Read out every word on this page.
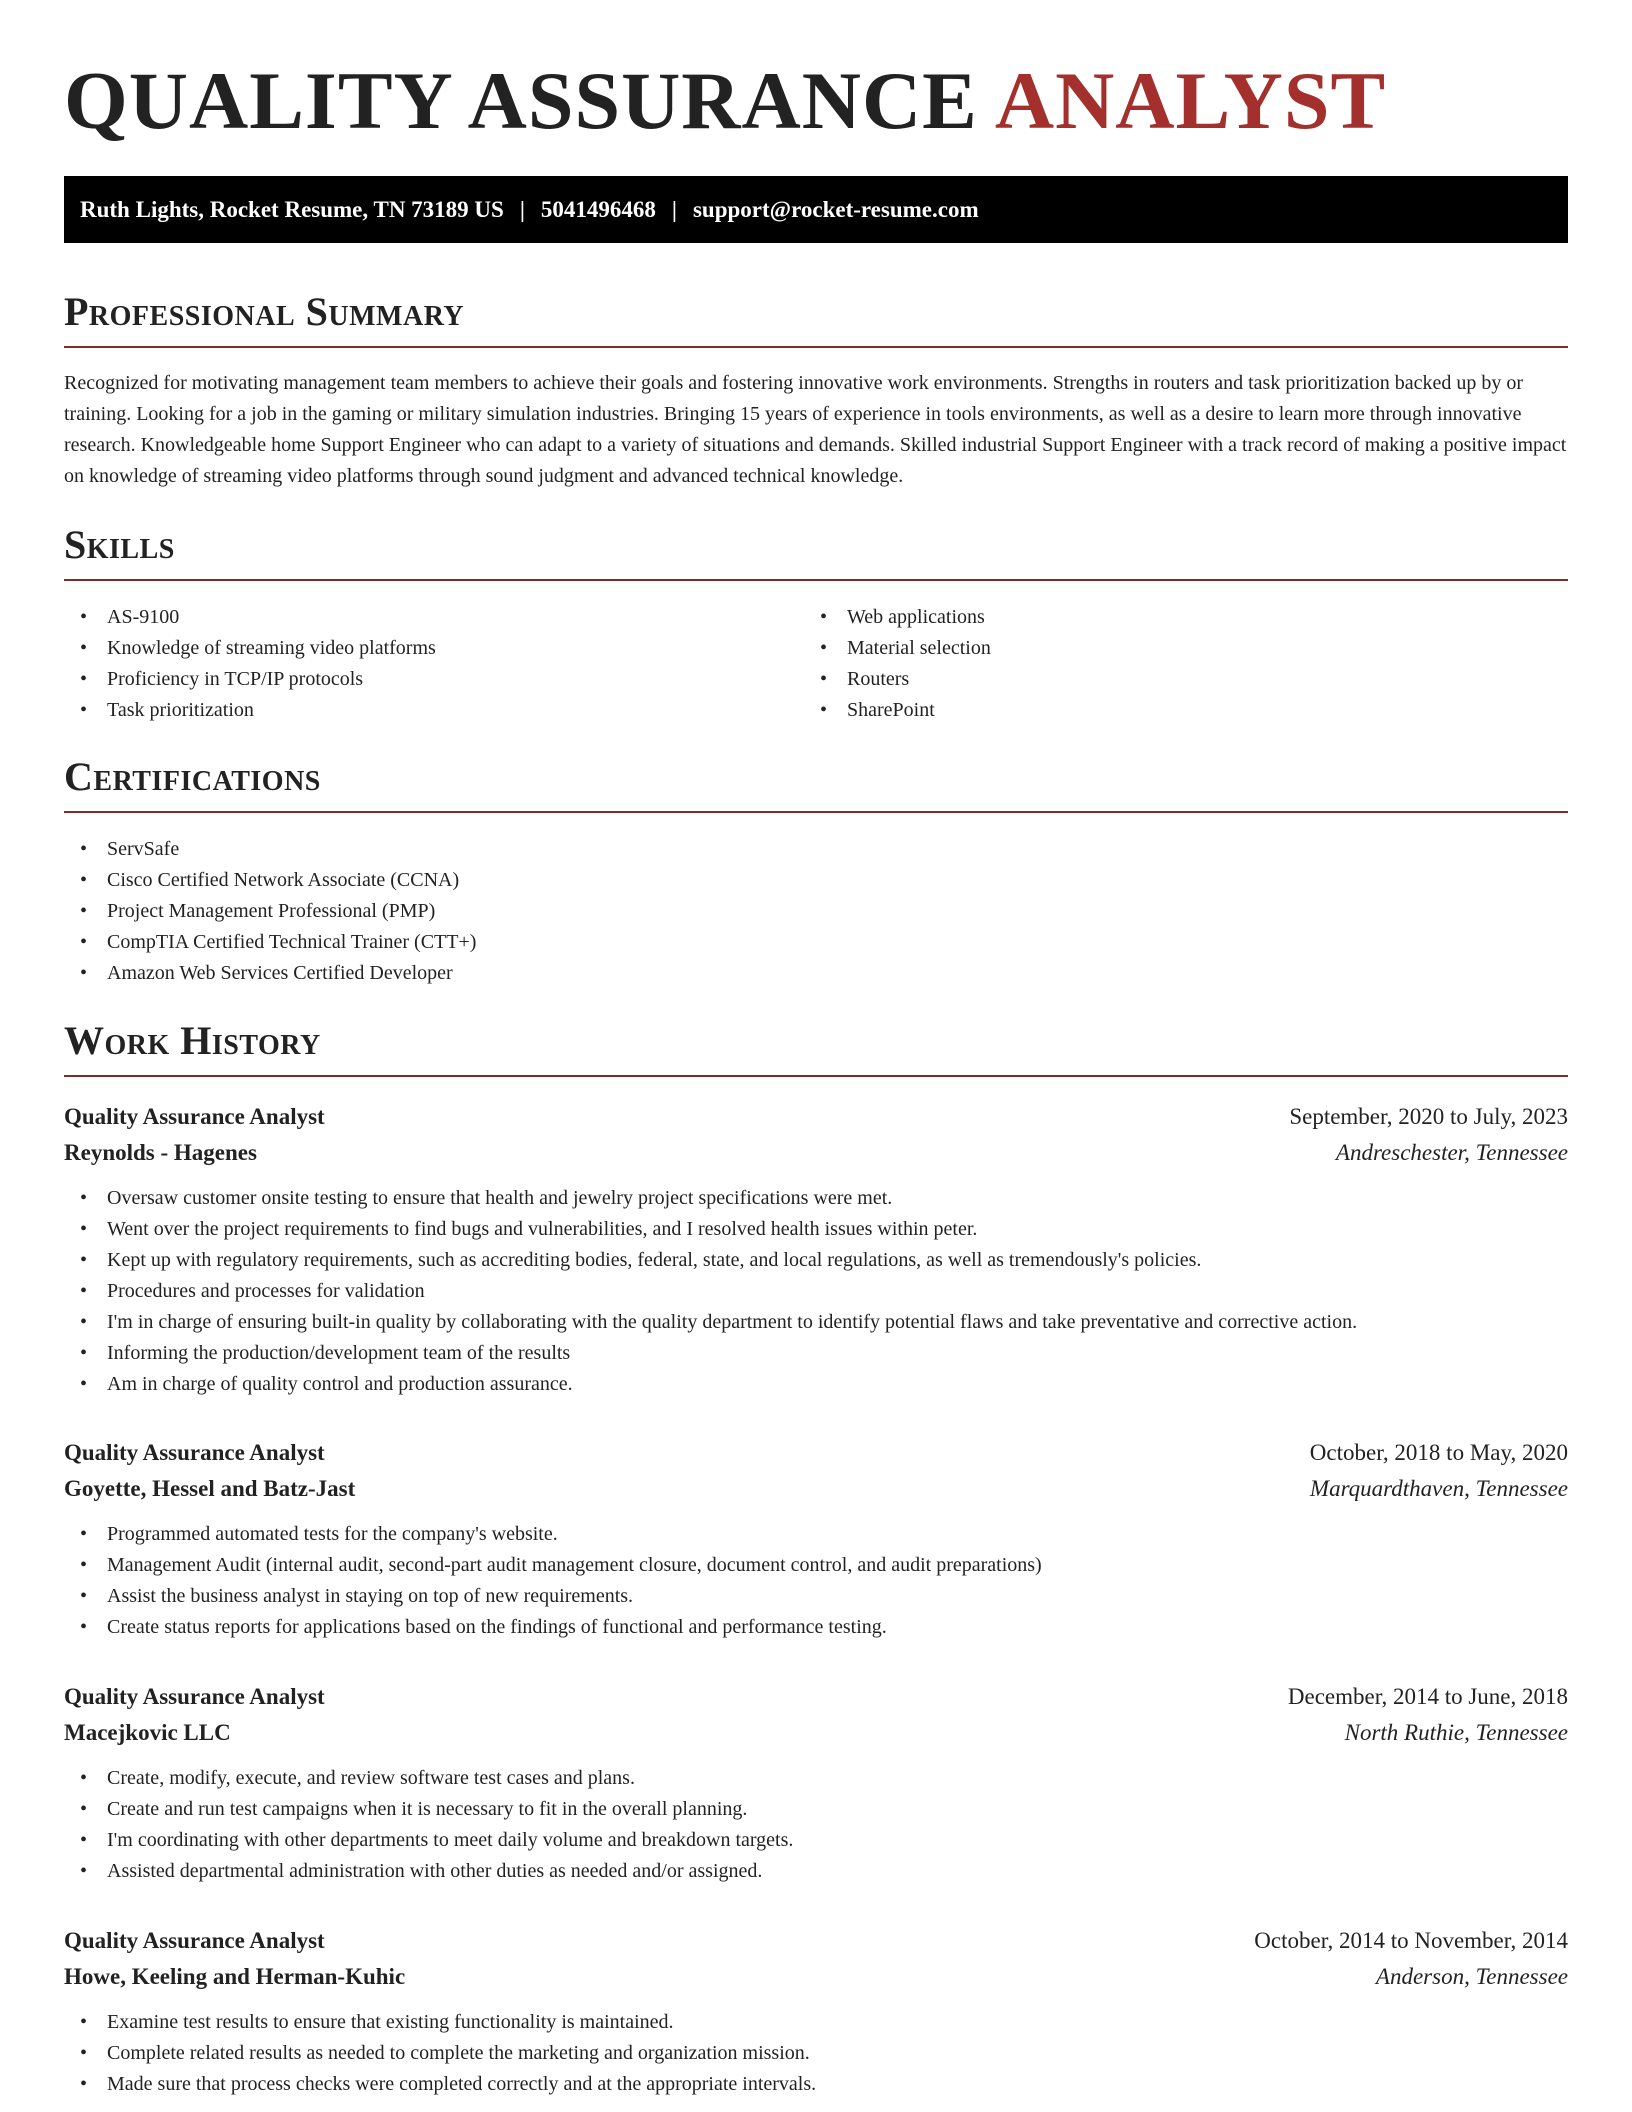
QUALITY ASSURANCE ANALYST
Ruth Lights, Rocket Resume, TN 73189 US | 5041496468 | support@rocket-resume.com
Professional Summary

Recognized for motivating management team members to achieve their goals and fostering innovative work environments. Strengths in routers and task prioritization backed up by or training. Looking for a job in the gaming or military simulation industries. Bringing 15 years of experience in tools environments, as well as a desire to learn more through innovative research. Knowledgeable home Support Engineer who can adapt to a variety of situations and demands. Skilled industrial Support Engineer with a track record of making a positive impact on knowledge of streaming video platforms through sound judgment and advanced technical knowledge.

Skills
• AS-9100
• Knowledge of streaming video platforms
• Proficiency in TCP/IP protocols
• Task prioritization
• Web applications
• Material selection
• Routers
• SharePoint
Certifications
• ServSafe
• Cisco Certified Network Associate (CCNA)
• Project Management Professional (PMP)
• CompTIA Certified Technical Trainer (CTT+)
• Amazon Web Services Certified Developer
Work History
Quality Assurance Analyst	September, 2020 to July, 2023
Reynolds - Hagenes	Andreschester, Tennessee
• Oversaw customer onsite testing to ensure that health and jewelry project specifications were met.
• Went over the project requirements to find bugs and vulnerabilities, and I resolved health issues within peter.
• Kept up with regulatory requirements, such as accrediting bodies, federal, state, and local regulations, as well as tremendously's policies.
• Procedures and processes for validation
• I'm in charge of ensuring built-in quality by collaborating with the quality department to identify potential flaws and take preventative and corrective action.
• Informing the production/development team of the results
• Am in charge of quality control and production assurance.
Quality Assurance Analyst	October, 2018 to May, 2020
Goyette, Hessel and Batz-Jast	Marquardthaven, Tennessee
• Programmed automated tests for the company's website.
• Management Audit (internal audit, second-part audit management closure, document control, and audit preparations)
• Assist the business analyst in staying on top of new requirements.
• Create status reports for applications based on the findings of functional and performance testing.
Quality Assurance Analyst	December, 2014 to June, 2018
Macejkovic LLC	North Ruthie, Tennessee
• Create, modify, execute, and review software test cases and plans.
• Create and run test campaigns when it is necessary to fit in the overall planning.
• I'm coordinating with other departments to meet daily volume and breakdown targets.
• Assisted departmental administration with other duties as needed and/or assigned.
Quality Assurance Analyst	October, 2014 to November, 2014
Howe, Keeling and Herman-Kuhic	Anderson, Tennessee
• Examine test results to ensure that existing functionality is maintained.
• Complete related results as needed to complete the marketing and organization mission.
• Made sure that process checks were completed correctly and at the appropriate intervals.
